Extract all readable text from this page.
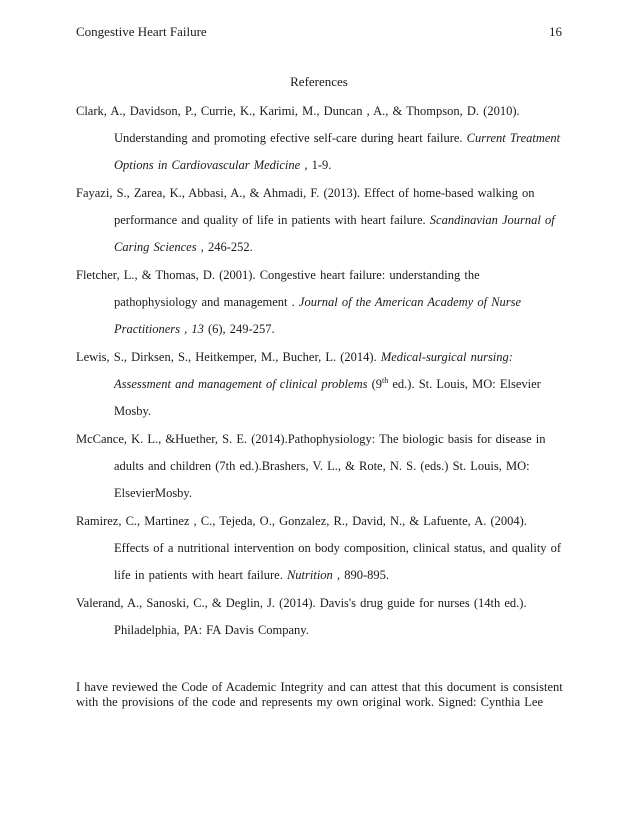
Congestive Heart Failure	16
References

Clark, A., Davidson, P., Currie, K., Karimi, M., Duncan , A., & Thompson, D. (2010). Understanding and promoting efective self-care during heart failure. Current Treatment Options in Cardiovascular Medicine , 1-9.

Fayazi, S., Zarea, K., Abbasi, A., & Ahmadi, F. (2013). Effect of home-based walking on performance and quality of life in patients with heart failure. Scandinavian Journal of Caring Sciences , 246-252.

Fletcher, L., & Thomas, D. (2001). Congestive heart failure: understanding the pathophysiology and management . Journal of the American Academy of Nurse Practitioners , 13 (6), 249-257.

Lewis, S., Dirksen, S., Heitkemper, M., Bucher, L. (2014). Medical-surgical nursing: Assessment and management of clinical problems (9th ed.). St. Louis, MO: Elsevier Mosby.

McCance, K. L., &Huether, S. E. (2014).Pathophysiology: The biologic basis for disease in adults and children (7th ed.).Brashers, V. L., & Rote, N. S. (eds.) St. Louis, MO: ElsevierMosby.

Ramirez, C., Martinez , C., Tejeda, O., Gonzalez, R., David, N., & Lafuente, A. (2004). Effects of a nutritional intervention on body composition, clinical status, and quality of life in patients with heart failure. Nutrition , 890-895.

Valerand, A., Sanoski, C., & Deglin, J. (2014). Davis's drug guide for nurses (14th ed.). Philadelphia, PA: FA Davis Company.

I have reviewed the Code of Academic Integrity and can attest that this document is consistent with the provisions of the code and represents my own original work. Signed: Cynthia Lee
